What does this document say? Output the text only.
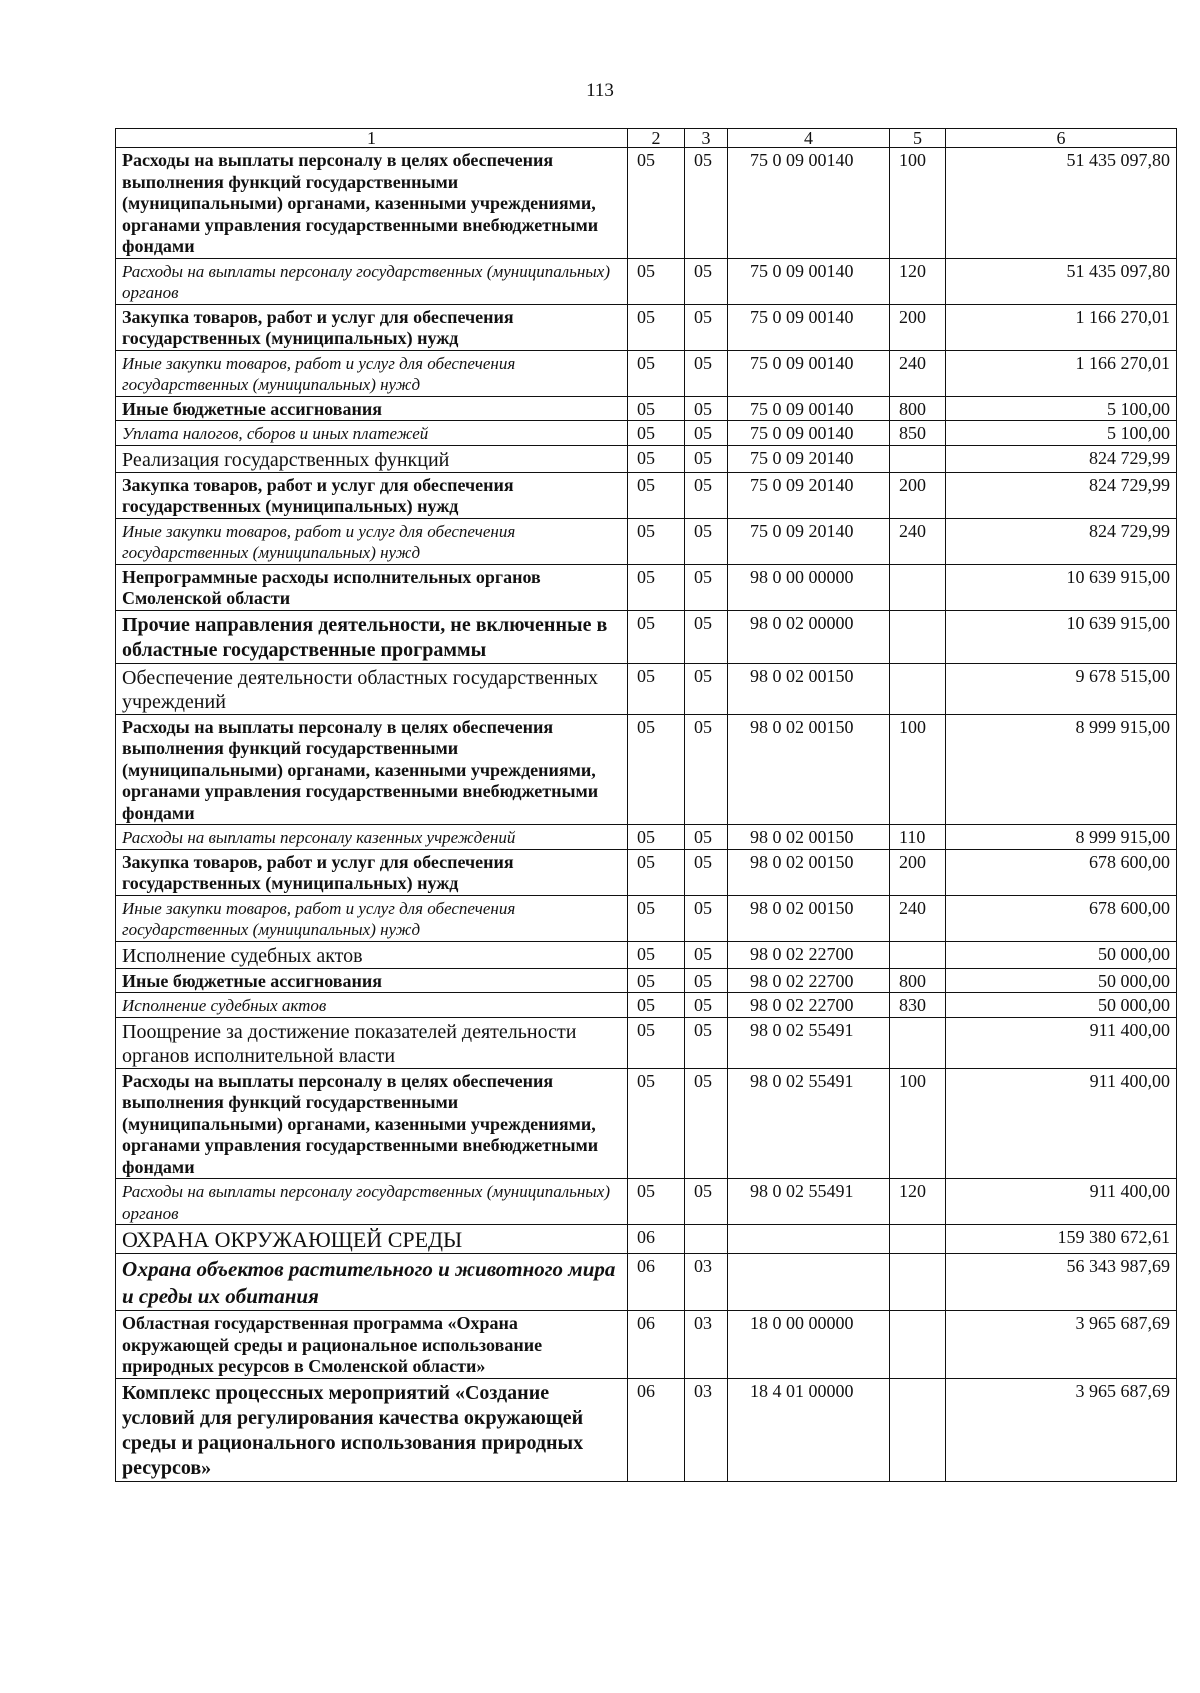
113
1	2	3	4	5	6
Расходы на выплаты персоналу в целях обеспечения выполнения функций государственными (муниципальными) органами, казенными учреждениями, органами управления государственными внебюджетными фондами	05	05	75 0 09 00140	100	51 435 097,80
Расходы на выплаты персоналу государственных (муниципальных) органов	05	05	75 0 09 00140	120	51 435 097,80
Закупка товаров, работ и услуг для обеспечения государственных (муниципальных) нужд	05	05	75 0 09 00140	200	1 166 270,01
Иные закупки товаров, работ и услуг для обеспечения государственных (муниципальных) нужд	05	05	75 0 09 00140	240	1 166 270,01
Иные бюджетные ассигнования	05	05	75 0 09 00140	800	5 100,00
Уплата налогов, сборов и иных платежей	05	05	75 0 09 00140	850	5 100,00
Реализация государственных функций	05	05	75 0 09 20140		824 729,99
Закупка товаров, работ и услуг для обеспечения государственных (муниципальных) нужд	05	05	75 0 09 20140	200	824 729,99
Иные закупки товаров, работ и услуг для обеспечения государственных (муниципальных) нужд	05	05	75 0 09 20140	240	824 729,99
Непрограммные расходы исполнительных органов Смоленской области	05	05	98 0 00 00000		10 639 915,00
Прочие направления деятельности, не включенные в областные государственные программы	05	05	98 0 02 00000		10 639 915,00
Обеспечение деятельности областных государственных учреждений	05	05	98 0 02 00150		9 678 515,00
Расходы на выплаты персоналу в целях обеспечения выполнения функций государственными (муниципальными) органами, казенными учреждениями, органами управления государственными внебюджетными фондами	05	05	98 0 02 00150	100	8 999 915,00
Расходы на выплаты персоналу казенных учреждений	05	05	98 0 02 00150	110	8 999 915,00
Закупка товаров, работ и услуг для обеспечения государственных (муниципальных) нужд	05	05	98 0 02 00150	200	678 600,00
Иные закупки товаров, работ и услуг для обеспечения государственных (муниципальных) нужд	05	05	98 0 02 00150	240	678 600,00
Исполнение судебных актов	05	05	98 0 02 22700		50 000,00
Иные бюджетные ассигнования	05	05	98 0 02 22700	800	50 000,00
Исполнение судебных актов	05	05	98 0 02 22700	830	50 000,00
Поощрение за достижение показателей деятельности органов исполнительной власти	05	05	98 0 02 55491		911 400,00
Расходы на выплаты персоналу в целях обеспечения выполнения функций государственными (муниципальными) органами, казенными учреждениями, органами управления государственными внебюджетными фондами	05	05	98 0 02 55491	100	911 400,00
Расходы на выплаты персоналу государственных (муниципальных) органов	05	05	98 0 02 55491	120	911 400,00
ОХРАНА ОКРУЖАЮЩЕЙ СРЕДЫ	06				159 380 672,61
Охрана объектов растительного и животного мира и среды их обитания	06	03			56 343 987,69
Областная государственная программа «Охрана окружающей среды и рациональное использование природных ресурсов в Смоленской области»	06	03	18 0 00 00000		3 965 687,69
Комплекс процессных мероприятий «Создание условий для регулирования качества окружающей среды и рационального использования природных ресурсов»	06	03	18 4 01 00000		3 965 687,69
